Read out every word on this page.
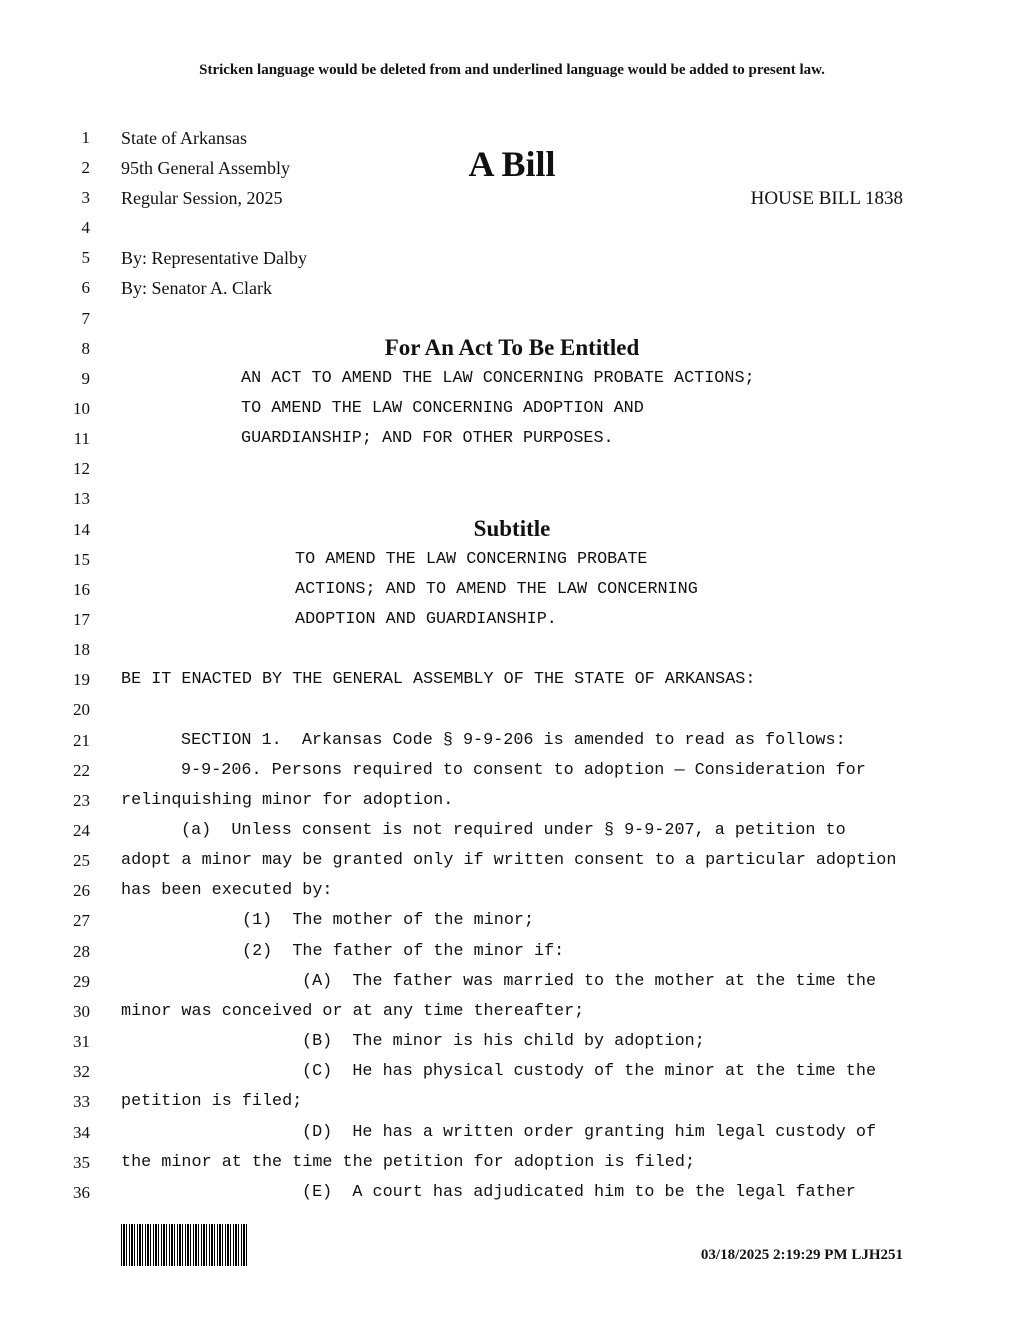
Stricken language would be deleted from and underlined language would be added to present law.
1
2
3
4
5
6
7
8
9
10
11
12
13
14
15
16
17
18
19
20
21
22
23
24
25
26
27
28
29
30
31
32
33
34
35
36
State of Arkansas
95th General Assembly
Regular Session, 2025
A Bill
HOUSE BILL 1838
By: Representative Dalby
By: Senator A. Clark
For An Act To Be Entitled
AN ACT TO AMEND THE LAW CONCERNING PROBATE ACTIONS;
TO AMEND THE LAW CONCERNING ADOPTION AND
GUARDIANSHIP; AND FOR OTHER PURPOSES.
Subtitle
TO AMEND THE LAW CONCERNING PROBATE
ACTIONS; AND TO AMEND THE LAW CONCERNING
ADOPTION AND GUARDIANSHIP.
BE IT ENACTED BY THE GENERAL ASSEMBLY OF THE STATE OF ARKANSAS:
SECTION 1.  Arkansas Code § 9-9-206 is amended to read as follows:
9-9-206. Persons required to consent to adoption — Consideration for
relinquishing minor for adoption.
(a)  Unless consent is not required under § 9-9-207, a petition to
adopt a minor may be granted only if written consent to a particular adoption
has been executed by:
(1)  The mother of the minor;
(2)  The father of the minor if:
(A)  The father was married to the mother at the time the
minor was conceived or at any time thereafter;
(B)  The minor is his child by adoption;
(C)  He has physical custody of the minor at the time the
petition is filed;
(D)  He has a written order granting him legal custody of
the minor at the time the petition for adoption is filed;
(E)  A court has adjudicated him to be the legal father
03/18/2025 2:19:29 PM LJH251
